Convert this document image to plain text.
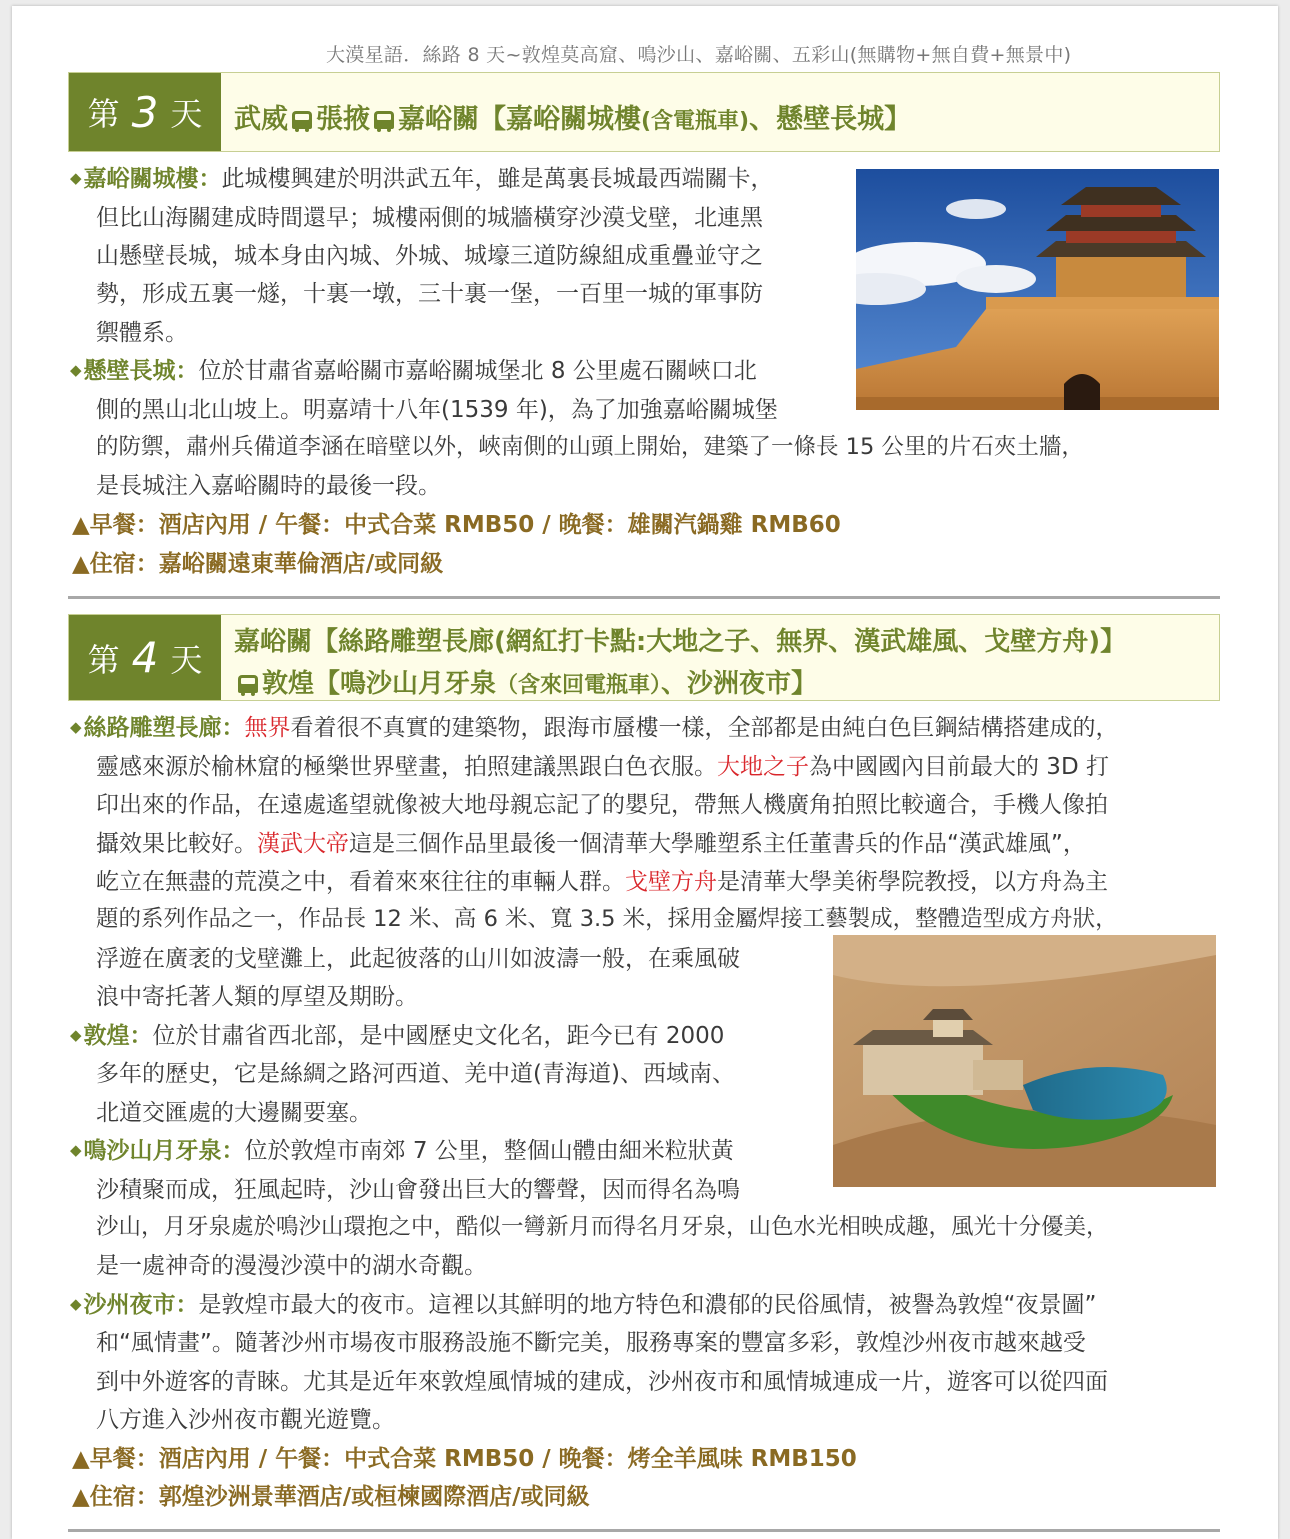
大漠星語．絲路 8 天~敦煌莫高窟、鳴沙山、嘉峪關、五彩山(無購物+無自費+無景中)
第 3 天 武威 張掖 嘉峪關【嘉峪關城樓(含電瓶車)、懸壁長城】
◆嘉峪關城樓：此城樓興建於明洪武五年，雖是萬裏長城最西端關卡，
但比山海關建成時間還早；城樓兩側的城牆橫穿沙漠戈壁，北連黑
山懸壁長城，城本身由內城、外城、城壕三道防線組成重疊並守之
勢，形成五裏一燧，十裏一墩，三十裏一堡，一百里一城的軍事防
禦體系。
◆懸壁長城：位於甘肅省嘉峪關市嘉峪關城堡北 8 公里處石關峽口北
側的黑山北山坡上。明嘉靖十八年(1539 年)，為了加強嘉峪關城堡
的防禦，肅州兵備道李涵在暗壁以外，峽南側的山頭上開始，建築了一條長 15 公里的片石夾土牆，
是長城注入嘉峪關時的最後一段。
▲早餐：酒店內用 / 午餐：中式合菜 RMB50 / 晚餐：雄關汽鍋雞 RMB60
▲住宿：嘉峪關遠東華倫酒店/或同級
第 4 天 嘉峪關【絲路雕塑長廊(網紅打卡點:大地之子、無界、漢武雄風、戈壁方舟)】
敦煌【鳴沙山月牙泉（含來回電瓶車）、沙洲夜市】
◆絲路雕塑長廊：無界看着很不真實的建築物，跟海市蜃樓一樣，全部都是由純白色巨鋼結構搭建成的，
靈感來源於榆林窟的極樂世界壁畫，拍照建議黑跟白色衣服。大地之子為中國國內目前最大的 3D 打
印出來的作品，在遠處遙望就像被大地母親忘記了的嬰兒，帶無人機廣角拍照比較適合，手機人像拍
攝效果比較好。漢武大帝這是三個作品里最後一個清華大學雕塑系主任董書兵的作品“漢武雄風”，
屹立在無盡的荒漠之中，看着來來往往的車輛人群。戈壁方舟是清華大學美術學院教授，以方舟為主
題的系列作品之一，作品長 12 米、高 6 米、寬 3.5 米，採用金屬焊接工藝製成，整體造型成方舟狀，
浮遊在廣袤的戈壁灘上，此起彼落的山川如波濤一般，在乘風破
浪中寄托著人類的厚望及期盼。
◆敦煌：位於甘肅省西北部，是中國歷史文化名，距今已有 2000
多年的歷史，它是絲綢之路河西道、羌中道(青海道)、西域南、
北道交匯處的大邊關要塞。
◆鳴沙山月牙泉：位於敦煌市南郊 7 公里，整個山體由細米粒狀黃
沙積聚而成，狂風起時，沙山會發出巨大的響聲，因而得名為鳴
沙山，月牙泉處於鳴沙山環抱之中，酷似一彎新月而得名月牙泉，山色水光相映成趣，風光十分優美，
是一處神奇的漫漫沙漠中的湖水奇觀。
◆沙州夜市：是敦煌市最大的夜市。這裡以其鮮明的地方特色和濃郁的民俗風情，被譽為敦煌“夜景圖”
和“風情畫”。隨著沙州市場夜市服務設施不斷完美，服務專案的豐富多彩，敦煌沙州夜市越來越受
到中外遊客的青睞。尤其是近年來敦煌風情城的建成，沙州夜市和風情城連成一片，遊客可以從四面
八方進入沙州夜市觀光遊覽。
▲早餐：酒店內用 / 午餐：中式合菜 RMB50 / 晚餐：烤全羊風味 RMB150
▲住宿：郭煌沙洲景華酒店/或桓楝國際酒店/或同級
